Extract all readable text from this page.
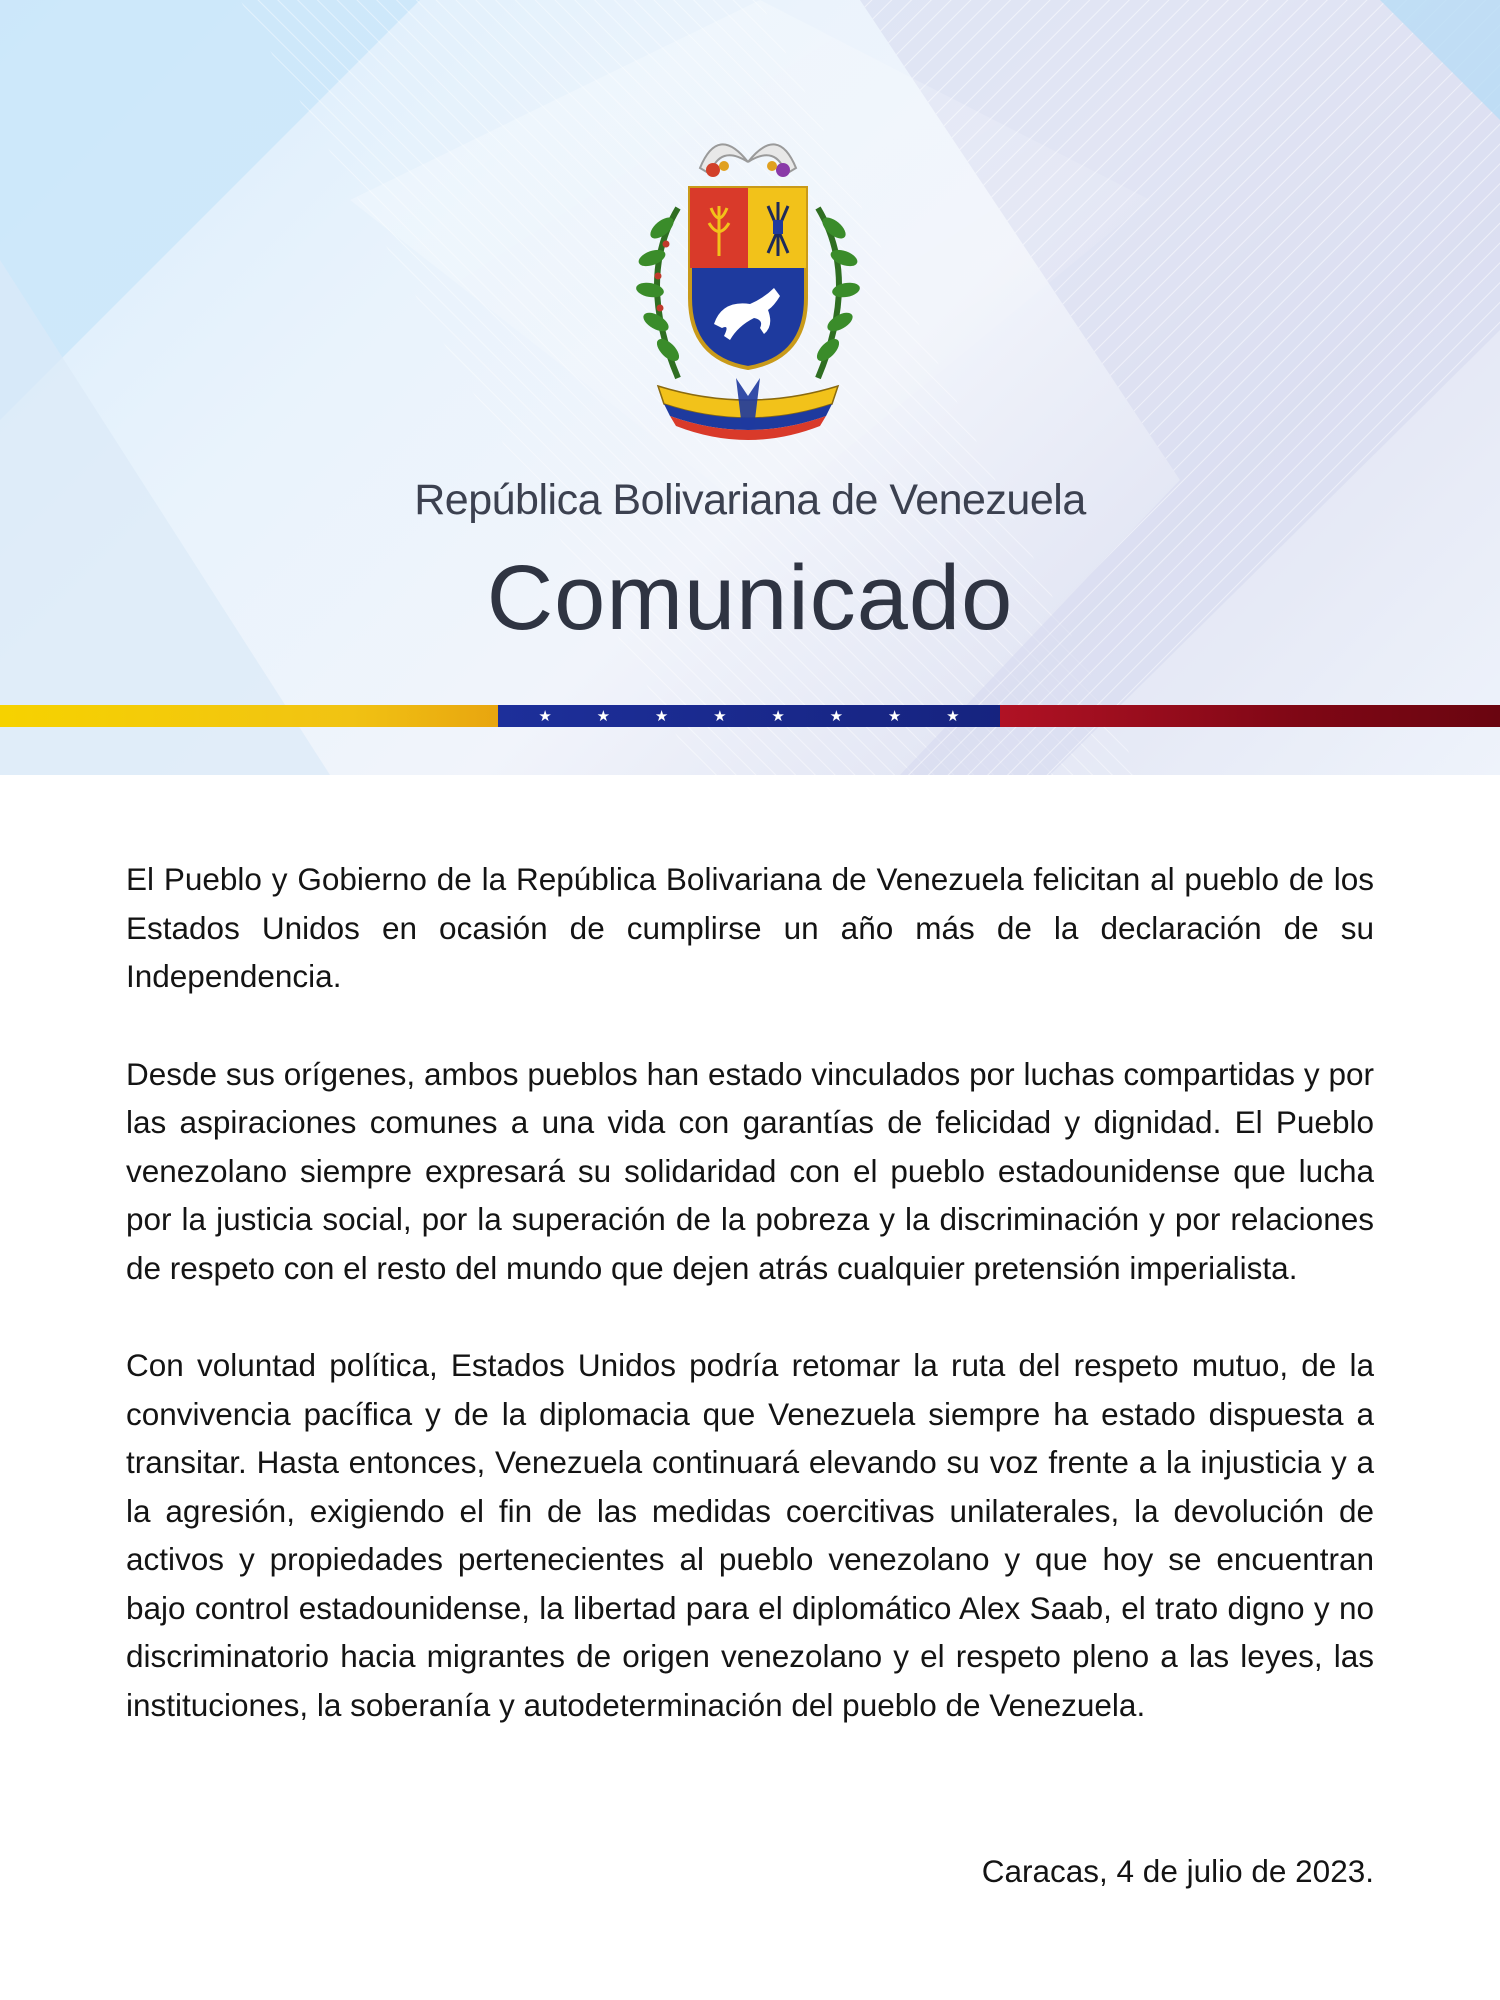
República Bolivariana de Venezuela
Comunicado
★	★	★	★	★	★	★	★

El Pueblo y Gobierno de la República Bolivariana de Venezuela felicitan al pueblo de los Estados Unidos en ocasión de cumplirse un año más de la declaración de su Independencia.

Desde sus orígenes, ambos pueblos han estado vinculados por luchas compartidas y por las aspiraciones comunes a una vida con garantías de felicidad y dignidad. El Pueblo venezolano siempre expresará su solidaridad con el pueblo estadounidense que lucha por la justicia social, por la superación de la pobreza y la discriminación y por relaciones de respeto con el resto del mundo que dejen atrás cualquier pretensión imperialista.

Con voluntad política, Estados Unidos podría retomar la ruta del respeto mutuo, de la convivencia pacífica y de la diplomacia que Venezuela siempre ha estado dispuesta a transitar. Hasta entonces, Venezuela continuará elevando su voz frente a la injusticia y a la agresión, exigiendo el fin de las medidas coercitivas unilaterales, la devolución de activos y propiedades pertenecientes al pueblo venezolano y que hoy se encuentran bajo control estadounidense, la libertad para el diplomático Alex Saab, el trato digno y no discriminatorio hacia migrantes de origen venezolano y el respeto pleno a las leyes, las instituciones, la soberanía y autodeterminación del pueblo de Venezuela.

Caracas, 4 de julio de 2023.
